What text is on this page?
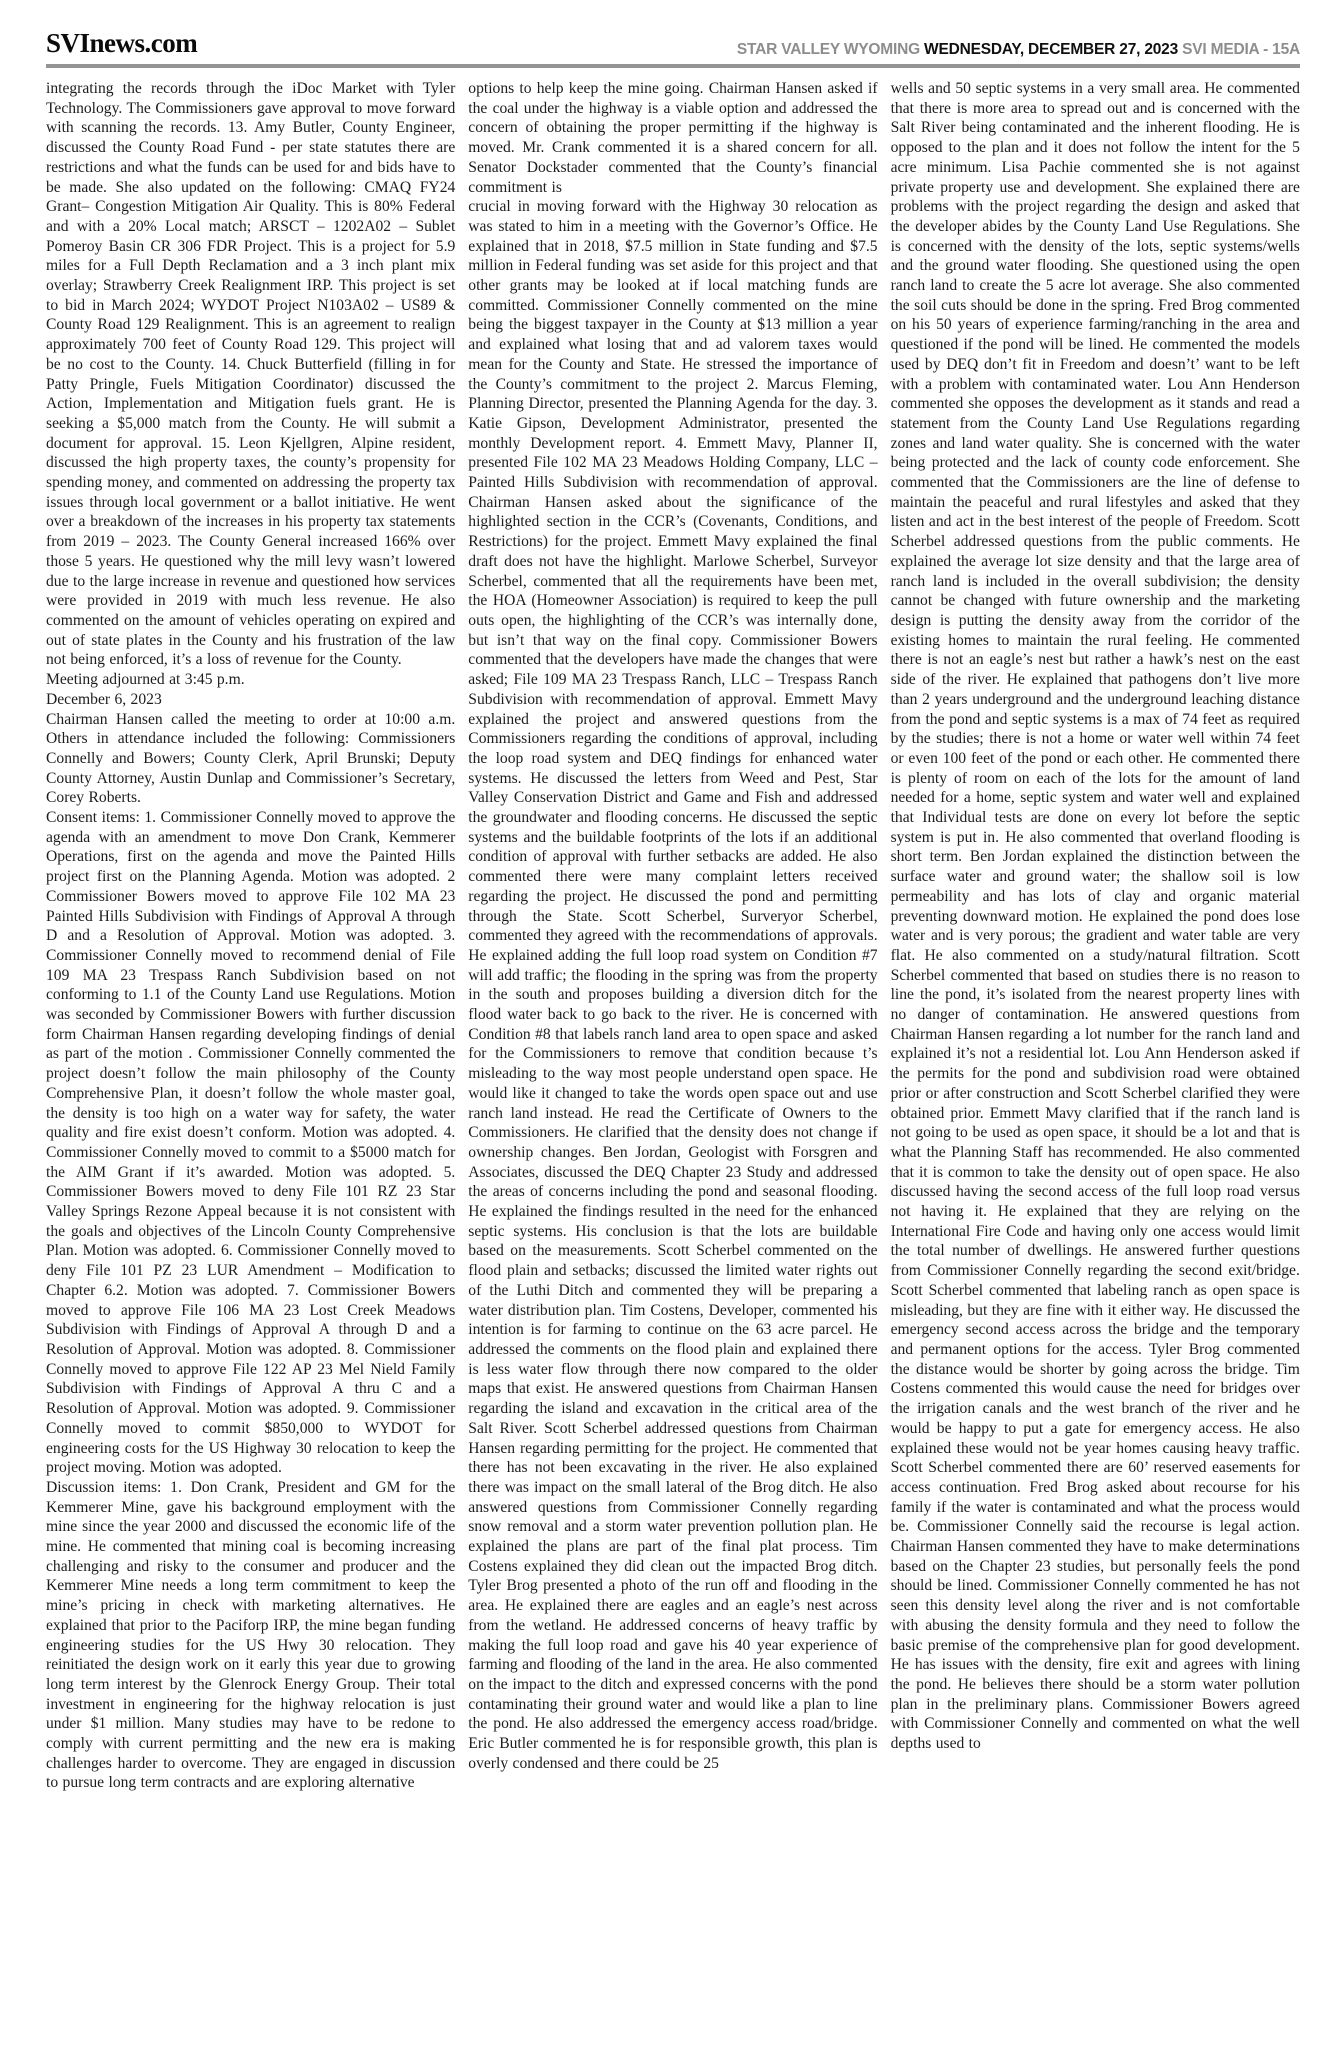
SVInews.com	STAR VALLEY WYOMING WEDNESDAY, DECEMBER 27, 2023 SVI MEDIA - 15A

integrating the records through the iDoc Market with Tyler Technology. The Commissioners gave approval to move forward with scanning the records. 13. Amy Butler, County Engineer, discussed the County Road Fund - per state statutes there are restrictions and what the funds can be used for and bids have to be made. She also updated on the following: CMAQ FY24 Grant– Congestion Mitigation Air Quality. This is 80% Federal and with a 20% Local match; ARSCT – 1202A02 – Sublet Pomeroy Basin CR 306 FDR Project. This is a project for 5.9 miles for a Full Depth Reclamation and a 3 inch plant mix overlay; Strawberry Creek Realignment IRP. This project is set to bid in March 2024; WYDOT Project N103A02 – US89 & County Road 129 Realignment. This is an agreement to realign approximately 700 feet of County Road 129. This project will be no cost to the County. 14. Chuck Butterfield (filling in for Patty Pringle, Fuels Mitigation Coordinator) discussed the Action, Implementation and Mitigation fuels grant. He is seeking a $5,000 match from the County. He will submit a document for approval. 15. Leon Kjellgren, Alpine resident, discussed the high property taxes, the county’s propensity for spending money, and commented on addressing the property tax issues through local government or a ballot initiative. He went over a breakdown of the increases in his property tax statements from 2019 – 2023. The County General increased 166% over those 5 years. He questioned why the mill levy wasn’t lowered due to the large increase in revenue and questioned how services were provided in 2019 with much less revenue. He also commented on the amount of vehicles operating on expired and out of state plates in the County and his frustration of the law not being enforced, it’s a loss of revenue for the County.

Meeting adjourned at 3:45 p.m.

December 6, 2023

Chairman Hansen called the meeting to order at 10:00 a.m. Others in attendance included the following: Commissioners Connelly and Bowers; County Clerk, April Brunski; Deputy County Attorney, Austin Dunlap and Commissioner’s Secretary, Corey Roberts.

Consent items: 1. Commissioner Connelly moved to approve the agenda with an amendment to move Don Crank, Kemmerer Operations, first on the agenda and move the Painted Hills project first on the Planning Agenda. Motion was adopted. 2 Commissioner Bowers moved to approve File 102 MA 23 Painted Hills Subdivision with Findings of Approval A through D and a Resolution of Approval. Motion was adopted. 3. Commissioner Connelly moved to recommend denial of File 109 MA 23 Trespass Ranch Subdivision based on not conforming to 1.1 of the County Land use Regulations. Motion was seconded by Commissioner Bowers with further discussion form Chairman Hansen regarding developing findings of denial as part of the motion . Commissioner Connelly commented the project doesn’t follow the main philosophy of the County Comprehensive Plan, it doesn’t follow the whole master goal, the density is too high on a water way for safety, the water quality and fire exist doesn’t conform. Motion was adopted. 4. Commissioner Connelly moved to commit to a $5000 match for the AIM Grant if it’s awarded. Motion was adopted. 5. Commissioner Bowers moved to deny File 101 RZ 23 Star Valley Springs Rezone Appeal because it is not consistent with the goals and objectives of the Lincoln County Comprehensive Plan. Motion was adopted. 6. Commissioner Connelly moved to deny File 101 PZ 23 LUR Amendment – Modification to Chapter 6.2. Motion was adopted. 7. Commissioner Bowers moved to approve File 106 MA 23 Lost Creek Meadows Subdivision with Findings of Approval A through D and a Resolution of Approval. Motion was adopted. 8. Commissioner Connelly moved to approve File 122 AP 23 Mel Nield Family Subdivision with Findings of Approval A thru C and a Resolution of Approval. Motion was adopted. 9. Commissioner Connelly moved to commit $850,000 to WYDOT for engineering costs for the US Highway 30 relocation to keep the project moving. Motion was adopted.

Discussion items: 1. Don Crank, President and GM for the Kemmerer Mine, gave his background employment with the mine since the year 2000 and discussed the economic life of the mine. He commented that mining coal is becoming increasing challenging and risky to the consumer and producer and the Kemmerer Mine needs a long term commitment to keep the mine’s pricing in check with marketing alternatives. He explained that prior to the Paciforp IRP, the mine began funding engineering studies for the US Hwy 30 relocation. They reinitiated the design work on it early this year due to growing long term interest by the Glenrock Energy Group. Their total investment in engineering for the highway relocation is just under $1 million. Many studies may have to be redone to comply with current permitting and the new era is making challenges harder to overcome. They are engaged in discussion to pursue long term contracts and are exploring alternative

options to help keep the mine going. Chairman Hansen asked if the coal under the highway is a viable option and addressed the concern of obtaining the proper permitting if the highway is moved. Mr. Crank commented it is a shared concern for all. Senator Dockstader commented that the County’s financial commitment is

crucial in moving forward with the Highway 30 relocation as was stated to him in a meeting with the Governor’s Office. He explained that in 2018, $7.5 million in State funding and $7.5 million in Federal funding was set aside for this project and that other grants may be looked at if local matching funds are committed. Commissioner Connelly commented on the mine being the biggest taxpayer in the County at $13 million a year and explained what losing that and ad valorem taxes would mean for the County and State. He stressed the importance of the County’s commitment to the project 2. Marcus Fleming, Planning Director, presented the Planning Agenda for the day. 3. Katie Gipson, Development Administrator, presented the monthly Development report. 4. Emmett Mavy, Planner II, presented File 102 MA 23 Meadows Holding Company, LLC – Painted Hills Subdivision with recommendation of approval. Chairman Hansen asked about the significance of the highlighted section in the CCR’s (Covenants, Conditions, and Restrictions) for the project. Emmett Mavy explained the final draft does not have the highlight. Marlowe Scherbel, Surveyor Scherbel, commented that all the requirements have been met, the HOA (Homeowner Association) is required to keep the pull outs open, the highlighting of the CCR’s was internally done, but isn’t that way on the final copy. Commissioner Bowers commented that the developers have made the changes that were asked; File 109 MA 23 Trespass Ranch, LLC – Trespass Ranch Subdivision with recommendation of approval. Emmett Mavy explained the project and answered questions from the Commissioners regarding the conditions of approval, including the loop road system and DEQ findings for enhanced water systems. He discussed the letters from Weed and Pest, Star Valley Conservation District and Game and Fish and addressed the groundwater and flooding concerns. He discussed the septic systems and the buildable footprints of the lots if an additional condition of approval with further setbacks are added. He also commented there were many complaint letters received regarding the project. He discussed the pond and permitting through the State. Scott Scherbel, Surveryor Scherbel, commented they agreed with the recommendations of approvals. He explained adding the full loop road system on Condition #7 will add traffic; the flooding in the spring was from the property in the south and proposes building a diversion ditch for the flood water back to go back to the river. He is concerned with Condition #8 that labels ranch land area to open space and asked for the Commissioners to remove that condition because t’s misleading to the way most people understand open space. He would like it changed to take the words open space out and use ranch land instead. He read the Certificate of Owners to the Commissioners. He clarified that the density does not change if ownership changes. Ben Jordan, Geologist with Forsgren and Associates, discussed the DEQ Chapter 23 Study and addressed the areas of concerns including the pond and seasonal flooding. He explained the findings resulted in the need for the enhanced septic systems. His conclusion is that the lots are buildable based on the measurements. Scott Scherbel commented on the flood plain and setbacks; discussed the limited water rights out of the Luthi Ditch and commented they will be preparing a water distribution plan. Tim Costens, Developer, commented his intention is for farming to continue on the 63 acre parcel. He addressed the comments on the flood plain and explained there is less water flow through there now compared to the older maps that exist. He answered questions from Chairman Hansen regarding the island and excavation in the critical area of the Salt River. Scott Scherbel addressed questions from Chairman Hansen regarding permitting for the project. He commented that there has not been excavating in the river. He also explained there was impact on the small lateral of the Brog ditch. He also answered questions from Commissioner Connelly regarding snow removal and a storm water prevention pollution plan. He explained the plans are part of the final plat process. Tim Costens explained they did clean out the impacted Brog ditch. Tyler Brog presented a photo of the run off and flooding in the area. He explained there are eagles and an eagle’s nest across from the wetland. He addressed concerns of heavy traffic by making the full loop road and gave his 40 year experience of farming and flooding of the land in the area. He also commented on the impact to the ditch and expressed concerns with the pond contaminating their ground water and would like a plan to line the pond. He also addressed the emergency access road/bridge. Eric Butler commented he is for responsible growth, this plan is overly condensed and there could be 25

wells and 50 septic systems in a very small area. He commented that there is more area to spread out and is concerned with the Salt River being contaminated and the inherent flooding. He is opposed to the plan and it does not follow the intent for the 5 acre minimum. Lisa Pachie commented she is not against private property use and development. She explained there are problems with the project regarding the design and asked that the developer abides by the County Land Use Regulations. She is concerned with the density of the lots, septic systems/wells and the ground water flooding. She questioned using the open ranch land to create the 5 acre lot average. She also commented the soil cuts should be done in the spring. Fred Brog commented on his 50 years of experience farming/ranching in the area and questioned if the pond will be lined. He commented the models used by DEQ don’t fit in Freedom and doesn’t’ want to be left with a problem with contaminated water. Lou Ann Henderson commented she opposes the development as it stands and read a statement from the County Land Use Regulations regarding zones and land water quality. She is concerned with the water being protected and the lack of county code enforcement. She commented that the Commissioners are the line of defense to maintain the peaceful and rural lifestyles and asked that they listen and act in the best interest of the people of Freedom. Scott Scherbel addressed questions from the public comments. He explained the average lot size density and that the large area of ranch land is included in the overall subdivision; the density cannot be changed with future ownership and the marketing design is putting the density away from the corridor of the existing homes to maintain the rural feeling. He commented there is not an eagle’s nest but rather a hawk’s nest on the east side of the river. He explained that pathogens don’t live more than 2 years underground and the underground leaching distance from the pond and septic systems is a max of 74 feet as required by the studies; there is not a home or water well within 74 feet or even 100 feet of the pond or each other. He commented there is plenty of room on each of the lots for the amount of land needed for a home, septic system and water well and explained that Individual tests are done on every lot before the septic system is put in. He also commented that overland flooding is short term. Ben Jordan explained the distinction between the surface water and ground water; the shallow soil is low permeability and has lots of clay and organic material preventing downward motion. He explained the pond does lose water and is very porous; the gradient and water table are very flat. He also commented on a study/natural filtration. Scott Scherbel commented that based on studies there is no reason to line the pond, it’s isolated from the nearest property lines with no danger of contamination. He answered questions from Chairman Hansen regarding a lot number for the ranch land and explained it’s not a residential lot. Lou Ann Henderson asked if the permits for the pond and subdivision road were obtained prior or after construction and Scott Scherbel clarified they were obtained prior. Emmett Mavy clarified that if the ranch land is not going to be used as open space, it should be a lot and that is what the Planning Staff has recommended. He also commented that it is common to take the density out of open space. He also discussed having the second access of the full loop road versus not having it. He explained that they are relying on the International Fire Code and having only one access would limit the total number of dwellings. He answered further questions from Commissioner Connelly regarding the second exit/bridge. Scott Scherbel commented that labeling ranch as open space is misleading, but they are fine with it either way. He discussed the emergency second access across the bridge and the temporary and permanent options for the access. Tyler Brog commented the distance would be shorter by going across the bridge. Tim Costens commented this would cause the need for bridges over the irrigation canals and the west branch of the river and he would be happy to put a gate for emergency access. He also explained these would not be year homes causing heavy traffic. Scott Scherbel commented there are 60’ reserved easements for access continuation. Fred Brog asked about recourse for his family if the water is contaminated and what the process would be. Commissioner Connelly said the recourse is legal action. Chairman Hansen commented they have to make determinations based on the Chapter 23 studies, but personally feels the pond should be lined. Commissioner Connelly commented he has not seen this density level along the river and is not comfortable with abusing the density formula and they need to follow the basic premise of the comprehensive plan for good development. He has issues with the density, fire exit and agrees with lining the pond. He believes there should be a storm water pollution plan in the preliminary plans. Commissioner Bowers agreed with Commissioner Connelly and commented on what the well depths used to
